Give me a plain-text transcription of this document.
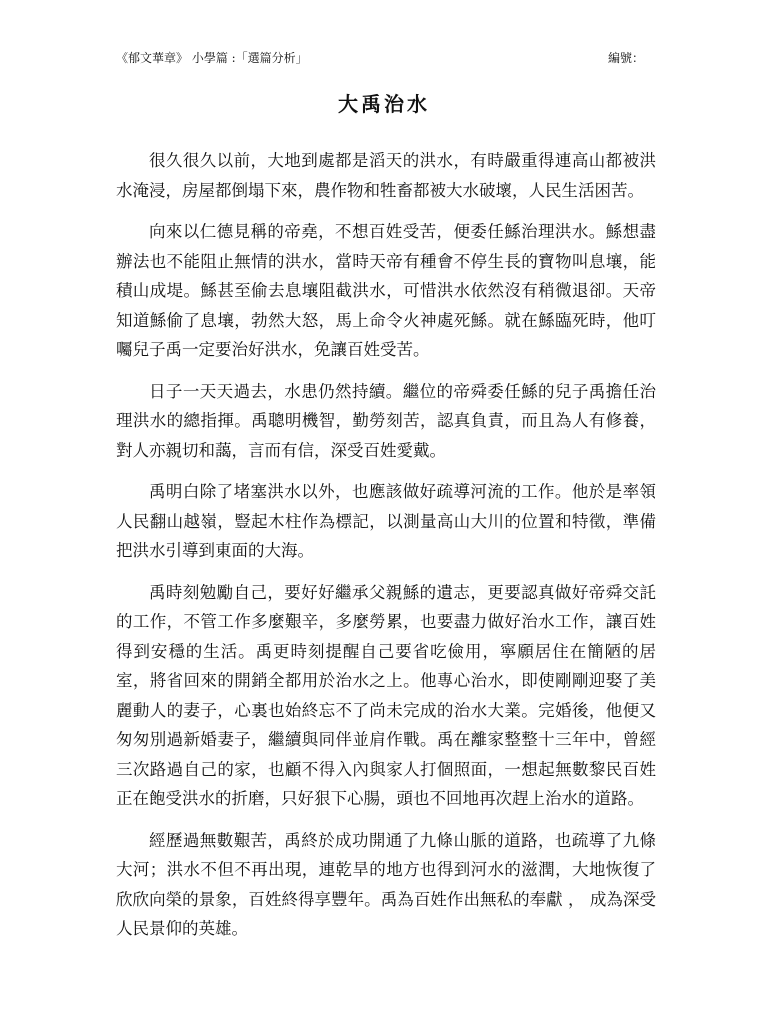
《郁文華章》 小學篇 :「選篇分析」	編號：
大禹治水

很久很久以前，大地到處都是滔天的洪水，有時嚴重得連高山都被洪水淹浸，房屋都倒塌下來，農作物和牲畜都被大水破壞，人民生活困苦。

向來以仁德見稱的帝堯，不想百姓受苦，便委任鯀治理洪水。鯀想盡辦法也不能阻止無情的洪水，當時天帝有種會不停生長的寶物叫息壤，能積山成堤。鯀甚至偷去息壤阻截洪水，可惜洪水依然沒有稍微退卻。天帝知道鯀偷了息壤，勃然大怒，馬上命令火神處死鯀。就在鯀臨死時，他叮囑兒子禹一定要治好洪水，免讓百姓受苦。

日子一天天過去，水患仍然持續。繼位的帝舜委任鯀的兒子禹擔任治理洪水的總指揮。禹聰明機智，勤勞刻苦，認真負責，而且為人有修養，對人亦親切和藹，言而有信，深受百姓愛戴。

禹明白除了堵塞洪水以外，也應該做好疏導河流的工作。他於是率領人民翻山越嶺，豎起木柱作為標記，以測量高山大川的位置和特徵，準備把洪水引導到東面的大海。

禹時刻勉勵自己，要好好繼承父親鯀的遺志，更要認真做好帝舜交託的工作，不管工作多麼艱辛，多麼勞累，也要盡力做好治水工作，讓百姓得到安穩的生活。禹更時刻提醒自己要省吃儉用，寧願居住在簡陋的居室，將省回來的開銷全都用於治水之上。他專心治水，即使剛剛迎娶了美麗動人的妻子，心裏也始終忘不了尚未完成的治水大業。完婚後，他便又匆匆別過新婚妻子，繼續與同伴並肩作戰。禹在離家整整十三年中，曾經三次路過自己的家，也顧不得入內與家人打個照面，一想起無數黎民百姓正在飽受洪水的折磨，只好狠下心腸，頭也不回地再次趕上治水的道路。

經歷過無數艱苦，禹終於成功開通了九條山脈的道路，也疏導了九條大河；洪水不但不再出現，連乾旱的地方也得到河水的滋潤，大地恢復了欣欣向榮的景象，百姓終得享豐年。禹為百姓作出無私的奉獻 ， 成為深受人民景仰的英雄。
